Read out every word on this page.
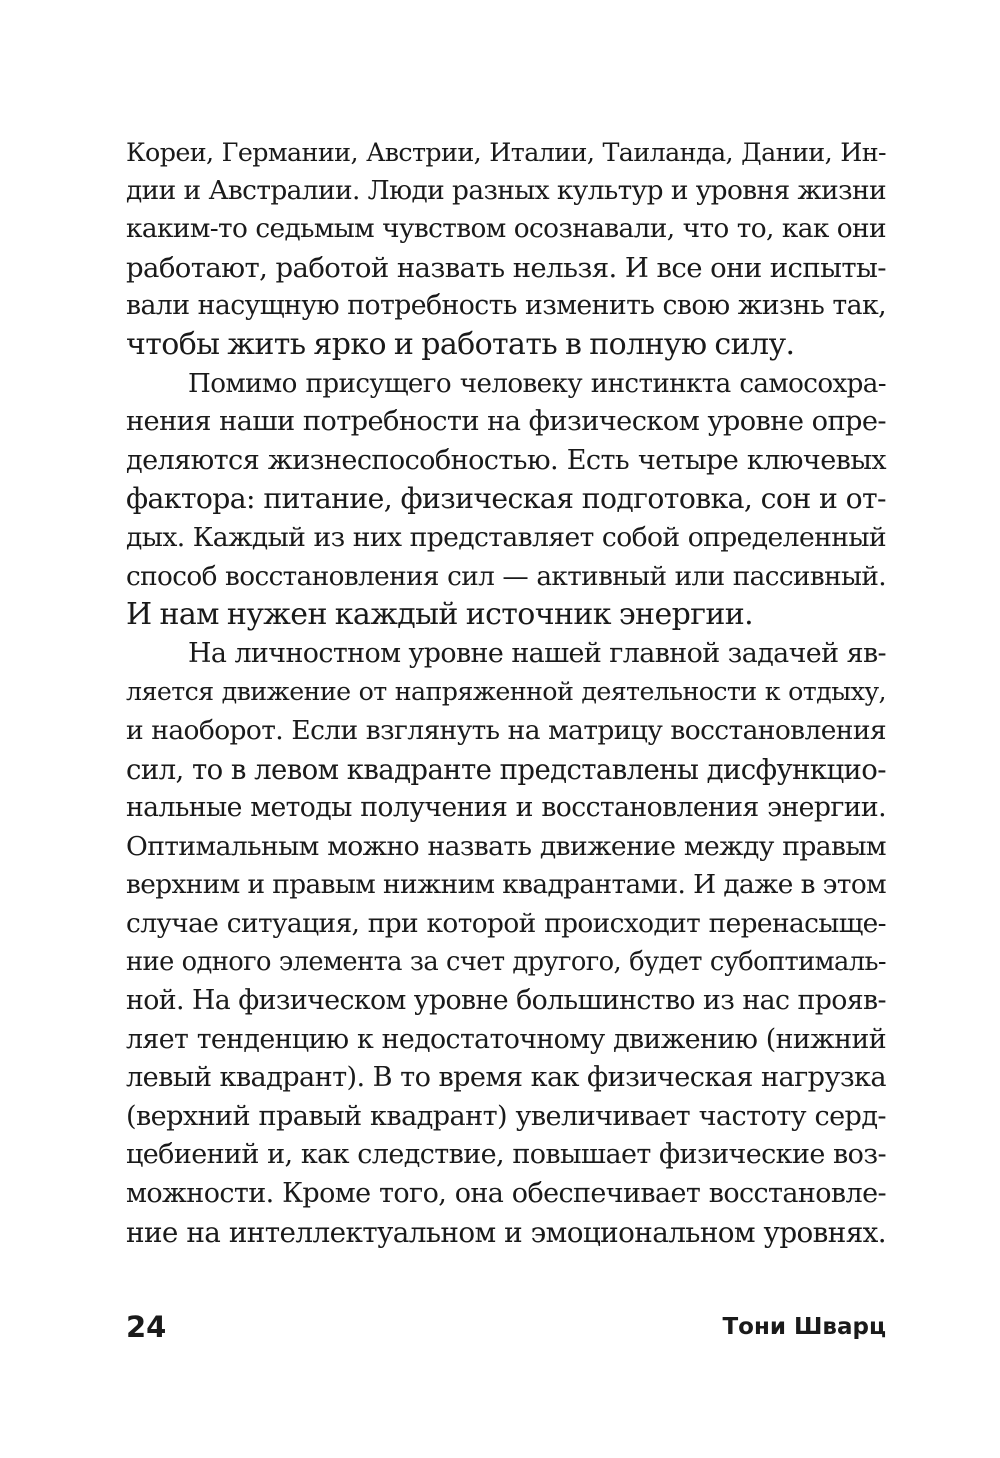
Кореи, Германии, Австрии, Италии, Таиланда, Дании, Ин-
дии и Австралии. Люди разных культур и уровня жизни
каким-то седьмым чувством осознавали, что то, как они
работают, работой назвать нельзя. И все они испыты-
вали насущную потребность изменить свою жизнь так,
чтобы жить ярко и работать в полную силу.
Помимо присущего человеку инстинкта самосохра-
нения наши потребности на физическом уровне опре-
деляются жизнеспособностью. Есть четыре ключевых
фактора: питание, физическая подготовка, сон и от-
дых. Каждый из них представляет собой определенный
способ восстановления сил — активный или пассивный.
И нам нужен каждый источник энергии.
На личностном уровне нашей главной задачей яв-
ляется движение от напряженной деятельности к отдыху,
и наоборот. Если взглянуть на матрицу восстановления
сил, то в левом квадранте представлены дисфункцио-
нальные методы получения и восстановления энергии.
Оптимальным можно назвать движение между правым
верхним и правым нижним квадрантами. И даже в этом
случае ситуация, при которой происходит перенасыще-
ние одного элемента за счет другого, будет субоптималь-
ной. На физическом уровне большинство из нас прояв-
ляет тенденцию к недостаточному движению (нижний
левый квадрант). В то время как физическая нагрузка
(верхний правый квадрант) увеличивает частоту серд-
цебиений и, как следствие, повышает физические воз-
можности. Кроме того, она обеспечивает восстановле-
ние на интеллектуальном и эмоциональном уровнях.
24	Тони Шварц
